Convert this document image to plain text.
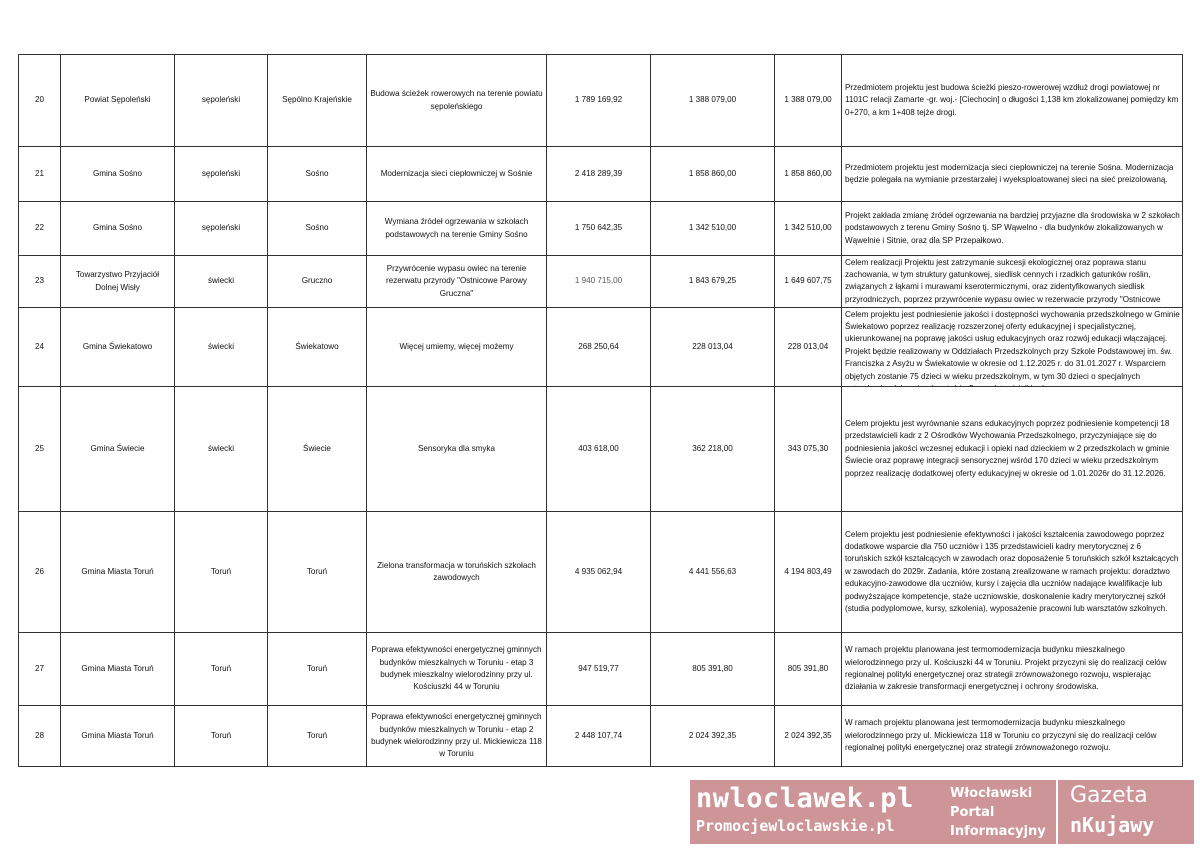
20	Powiat Sępoleński	sępoleński	Sępólno Krajeńskie	Budowa ścieżek rowerowych na terenie powiatu sępoleńskiego	1 789 169,92	1 388 079,00	1 388 079,00	Przedmiotem projektu jest budowa ścieżki pieszo-rowerowej wzdłuż drogi powiatowej nr 1101C relacji Zamarte -gr. woj.- [Ciechocin] o długości 1,138 km zlokalizowanej pomiędzy km 0+270, a km 1+408 tejże drogi.

21	Gmina Sośno	sępoleński	Sośno	Modernizacja sieci ciepłowniczej w Sośnie	2 418 289,39	1 858 860,00	1 858 860,00	Przedmiotem projektu jest modernizacja sieci ciepłowniczej na terenie Sośna. Modernizacja będzie polegała na wymianie przestarzałej i wyeksploatowanej sieci na sieć preizolowaną.

22	Gmina Sośno	sępoleński	Sośno	Wymiana źródeł ogrzewania w szkołach podstawowych na terenie Gminy Sośno	1 750 642,35	1 342 510,00	1 342 510,00	Projekt zakłada zmianę źródeł ogrzewania na bardziej przyjazne dla środowiska w 2 szkołach podstawowych z terenu Gminy Sośno tj. SP Wąwelno - dla budynków zlokalizowanych w Wąwelnie i Sitnie, oraz dla SP Przepałkowo.

23	Towarzystwo Przyjaciół Dolnej Wisły	świecki	Gruczno	Przywrócenie wypasu owiec na terenie rezerwatu przyrody "Ostnicowe Parowy Gruczna"	1 940 715,00	1 843 679,25	1 649 607,75	Celem realizacji Projektu jest zatrzymanie sukcesji ekologicznej oraz poprawa stanu zachowania, w tym struktury gatunkowej, siedlisk cennych i rzadkich gatunków roślin, związanych z łąkami i murawami kserotermicznymi, oraz zidentyfikowanych siedlisk przyrodniczych, poprzez przywrócenie wypasu owiec w rezerwacie przyrody "Ostnicowe

24	Gmina Świekatowo	świecki	Świekatowo	Więcej umiemy, więcej możemy	268 250,64	228 013,04	228 013,04	Celem projektu jest podniesienie jakości i dostępności wychowania przedszkolnego w Gminie Świekatowo poprzez realizację rozszerzonej oferty edukacyjnej i specjalistycznej, ukierunkowanej na poprawę jakości usług edukacyjnych oraz rozwój edukacji włączającej. Projekt będzie realizowany w Oddziałach Przedszkolnych przy Szkole Podstawowej im. św. Franciszka z Asyżu w Świekatowie w okresie od 1.12.2025 r. do 31.01.2027 r. Wsparciem objętych zostanie 75 dzieci w wieku przedszkolnym, w tym 30 dzieci o specjalnych

25	Gmina Świecie	świecki	Świecie	Sensoryka dla smyka	403 618,00	362 218,00	343 075,30	Celem projektu jest wyrównanie szans edukacyjnych poprzez podniesienie kompetencji 18 przedstawicieli kadr z 2 Ośrodków Wychowania Przedszkolnego, przyczyniające się do podniesienia jakości wczesnej edukacji i opieki nad dzieckiem w 2 przedszkolach w gminie Świecie oraz poprawę integracji sensorycznej wśród 170 dzieci w wieku przedszkolnym poprzez realizację dodatkowej oferty edukacyjnej w okresie od 1.01.2026r do 31.12.2026.

26	Gmina Miasta Toruń	Toruń	Toruń	Zielona transformacja w toruńskich szkołach zawodowych	4 935 062,94	4 441 556,63	4 194 803,49	Celem projektu jest podniesienie efektywności i jakości kształcenia zawodowego poprzez dodatkowe wsparcie dla 750 uczniów i 135 przedstawicieli kadry merytorycznej z 6 toruńskich szkół kształcących w zawodach oraz doposażenie 5 toruńskich szkół kształcących w zawodach do 2029r. Zadania, które zostaną zrealizowane w ramach projektu: doradztwo edukacyjno-zawodowe dla uczniów, kursy i zajęcia dla uczniów nadające kwalifikacje lub podwyższające kompetencje, staże uczniowskie, doskonalenie kadry merytorycznej szkół (studia podyplomowe, kursy, szkolenia), wyposażenie pracowni lub warsztatów szkolnych.

27	Gmina Miasta Toruń	Toruń	Toruń	Poprawa efektywności energetycznej gminnych budynków mieszkalnych w Toruniu - etap 3 budynek mieszkalny wielorodzinny przy ul. Kościuszki 44 w Toruniu	947 519,77	805 391,80	805 391,80	W ramach projektu planowana jest termomodernizacja budynku mieszkalnego wielorodzinnego przy ul. Kościuszki 44 w Toruniu. Projekt przyczyni się do realizacji celów regionalnej polityki energetycznej oraz strategii zrównoważonego rozwoju, wspierając działania w zakresie transformacji energetycznej i ochrony środowiska.

28	Gmina Miasta Toruń	Toruń	Toruń	Poprawa efektywności energetycznej gminnych budynków mieszkalnych w Toruniu - etap 2 budynek wielorodzinny przy ul. Mickiewicza 118 w Toruniu	2 448 107,74	2 024 392,35	2 024 392,35	W ramach projektu planowana jest termomodernizacja budynku mieszkalnego wielorodzinnego przy ul. Mickiewicza 118 w Toruniu co przyczyni się do realizacji celów regionalnej polityki energetycznej oraz strategii zrównoważonego rozwoju.
nwloclawek.pl
Promocjewloclawskie.pl
Włocławski
Portal
Informacyjny
Gazeta
nKujawy
